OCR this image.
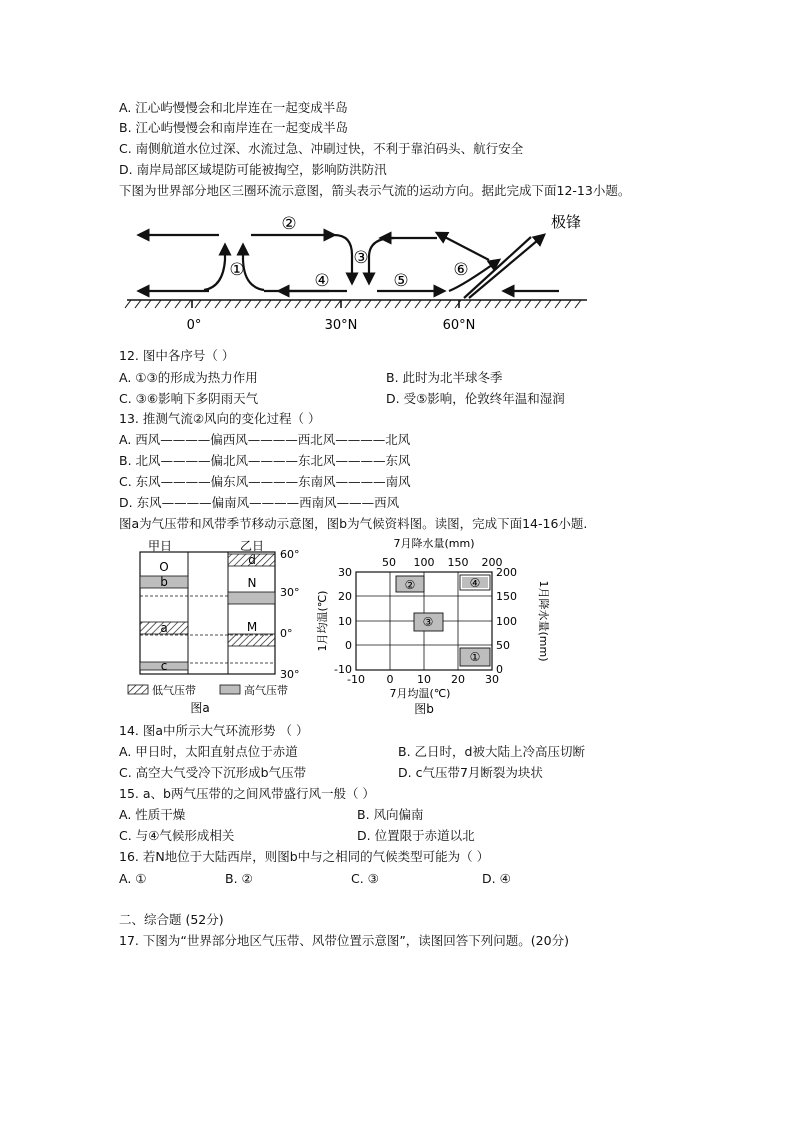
A. 江心屿慢慢会和北岸连在一起变成半岛
B. 江心屿慢慢会和南岸连在一起变成半岛
C. 南侧航道水位过深、水流过急、冲刷过快，不利于靠泊码头、航行安全
D. 南岸局部区域堤防可能被掏空，影响防洪防汛
下图为世界部分地区三圈环流示意图，箭头表示气流的运动方向。据此完成下面12-13小题。
①
②
③
④	⑤
⑥
极锋
0°	30°N	60°N
12. 图中各序号（ ）
A. ①③的形成为热力作用	B. 此时为北半球冬季
C. ③⑥影响下多阴雨天气	D. 受⑤影响，伦敦终年温和湿润
13. 推测气流②风向的变化过程（ ）
A. 西风————偏西风————西北风————北风
B. 北风————偏北风————东北风————东风
C. 东风————偏东风————东南风————南风
D. 东风————偏南风————西南风———西风
图a为气压带和风带季节移动示意图，图b为气候资料图。读图，完成下面14-16小题.
甲日	乙日
O
b
d
a
N
M
c
60°
30°
0°
30°
低气压带	高气压带
图a
7月降水量(mm)
50 100 150 200
②	④
③
①
30
20
10
0
-10
1月均温(℃)
200
150
100
50
0
1月降水量(mm)
-10 0 10 20 30
7月均温(℃)
图b
14. 图a中所示大气环流形势 （ ）
A. 甲日时，太阳直射点位于赤道	B. 乙日时，d被大陆上冷高压切断
C. 高空大气受冷下沉形成b气压带	D. c气压带7月断裂为块状
15. a、b两气压带的之间风带盛行风一般（ ）
A. 性质干燥	B. 风向偏南
C. 与④气候形成相关	D. 位置限于赤道以北
16. 若N地位于大陆西岸，则图b中与之相同的气候类型可能为（ ）
A. ①	B. ②	C. ③	D. ④
二、综合题 (52分)
17. 下图为“世界部分地区气压带、风带位置示意图”，读图回答下列问题。(20分)
